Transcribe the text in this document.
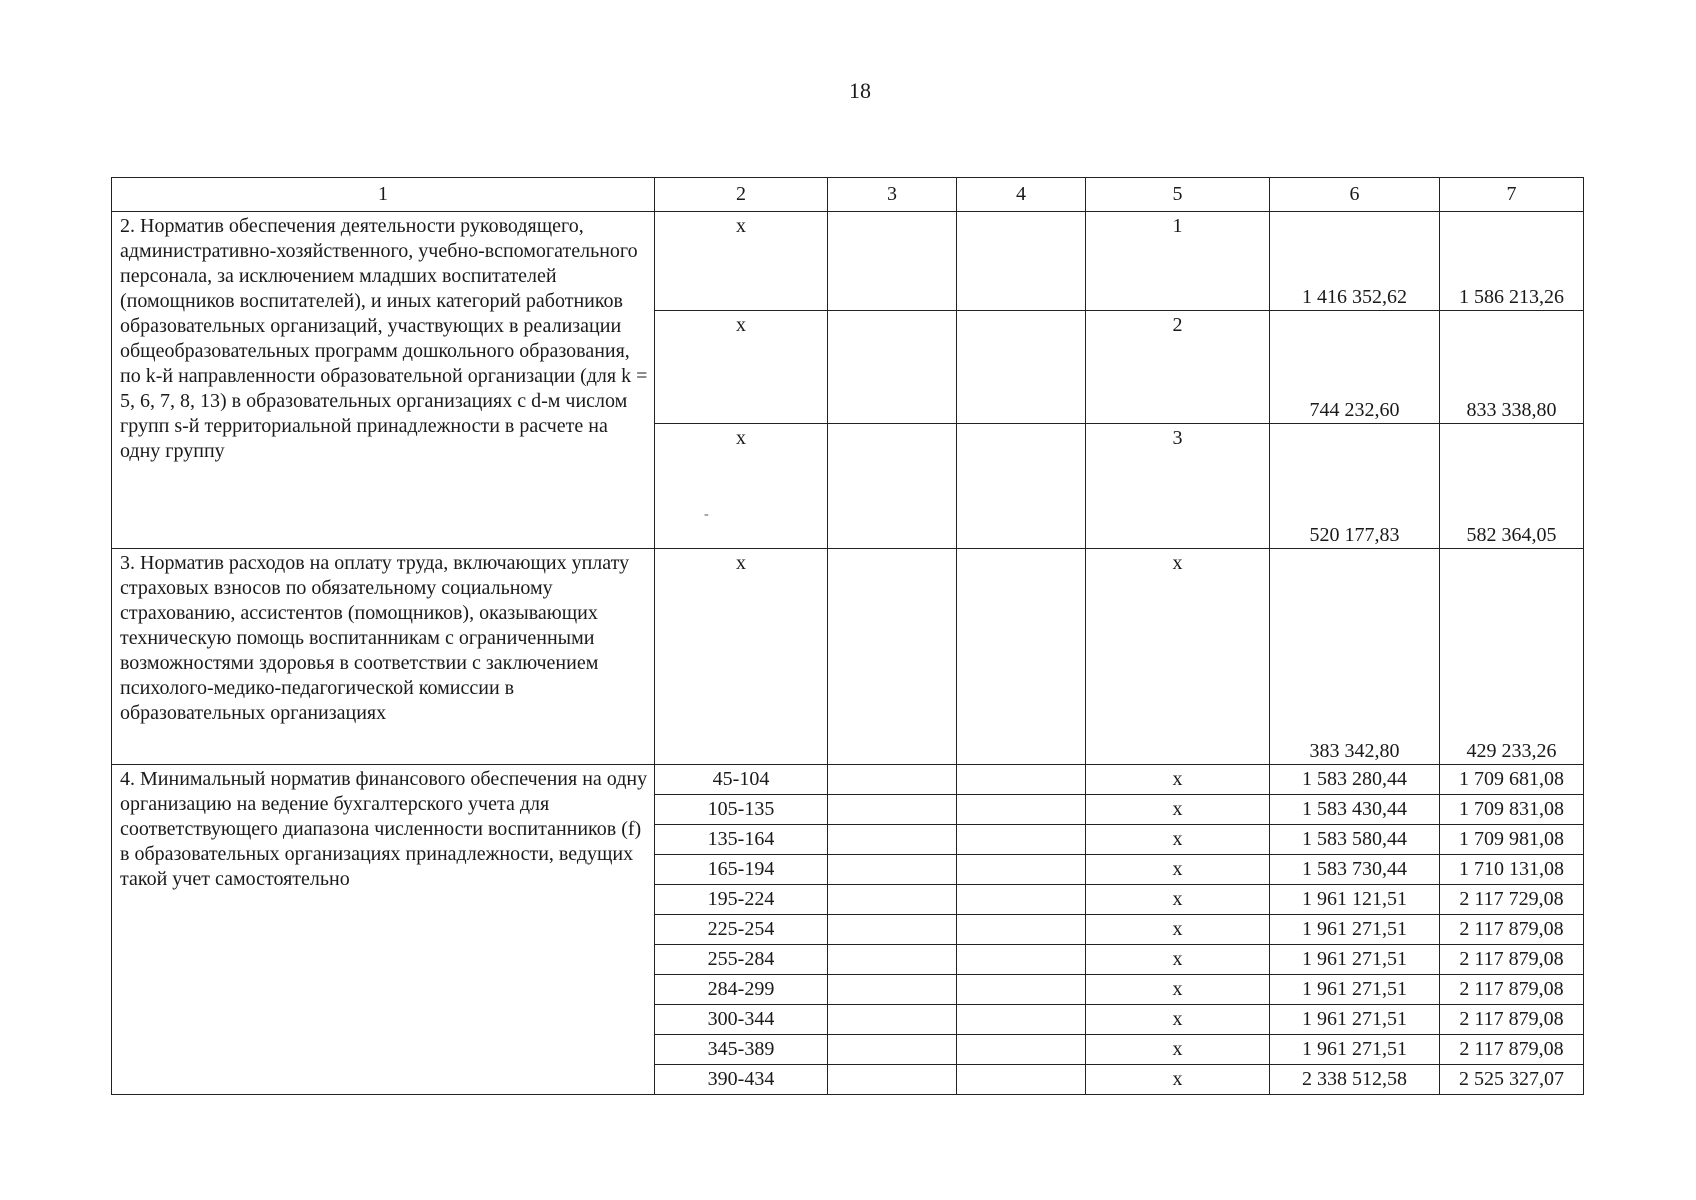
18
1	2	3	4	5	6	7
2. Норматив обеспечения деятельности руководящего, административно-хозяйственного, учебно-вспомогательного персонала, за исключением младших воспитателей (помощников воспитателей), и иных категорий работников образовательных организаций, участвующих в реализации общеобразовательных программ дошкольного образования, по k-й направленности образовательной организации (для k = 5, 6, 7, 8, 13) в образовательных организациях с d-м числом групп s-й территориальной принадлежности в расчете на одну группу	x			1	1 416 352,62	1 586 213,26
	x			2	744 232,60	833 338,80
	x			3	520 177,83	582 364,05
3. Норматив расходов на оплату труда, включающих уплату страховых взносов по обязательному социальному страхованию, ассистентов (помощников), оказывающих техническую помощь воспитанникам с ограниченными возможностями здоровья в соответствии с заключением психолого-медико-педагогической комиссии в образовательных организациях	x			x	383 342,80	429 233,26
4. Минимальный норматив финансового обеспечения на одну организацию на ведение бухгалтерского учета для соответствующего диапазона численности воспитанников (f) в образовательных организациях принадлежности, ведущих такой учет самостоятельно	45-104			x	1 583 280,44	1 709 681,08
	105-135			x	1 583 430,44	1 709 831,08
	135-164			x	1 583 580,44	1 709 981,08
	165-194			x	1 583 730,44	1 710 131,08
	195-224			x	1 961 121,51	2 117 729,08
	225-254			x	1 961 271,51	2 117 879,08
	255-284			x	1 961 271,51	2 117 879,08
	284-299			x	1 961 271,51	2 117 879,08
	300-344			x	1 961 271,51	2 117 879,08
	345-389			x	1 961 271,51	2 117 879,08
	390-434			x	2 338 512,58	2 525 327,07
-
